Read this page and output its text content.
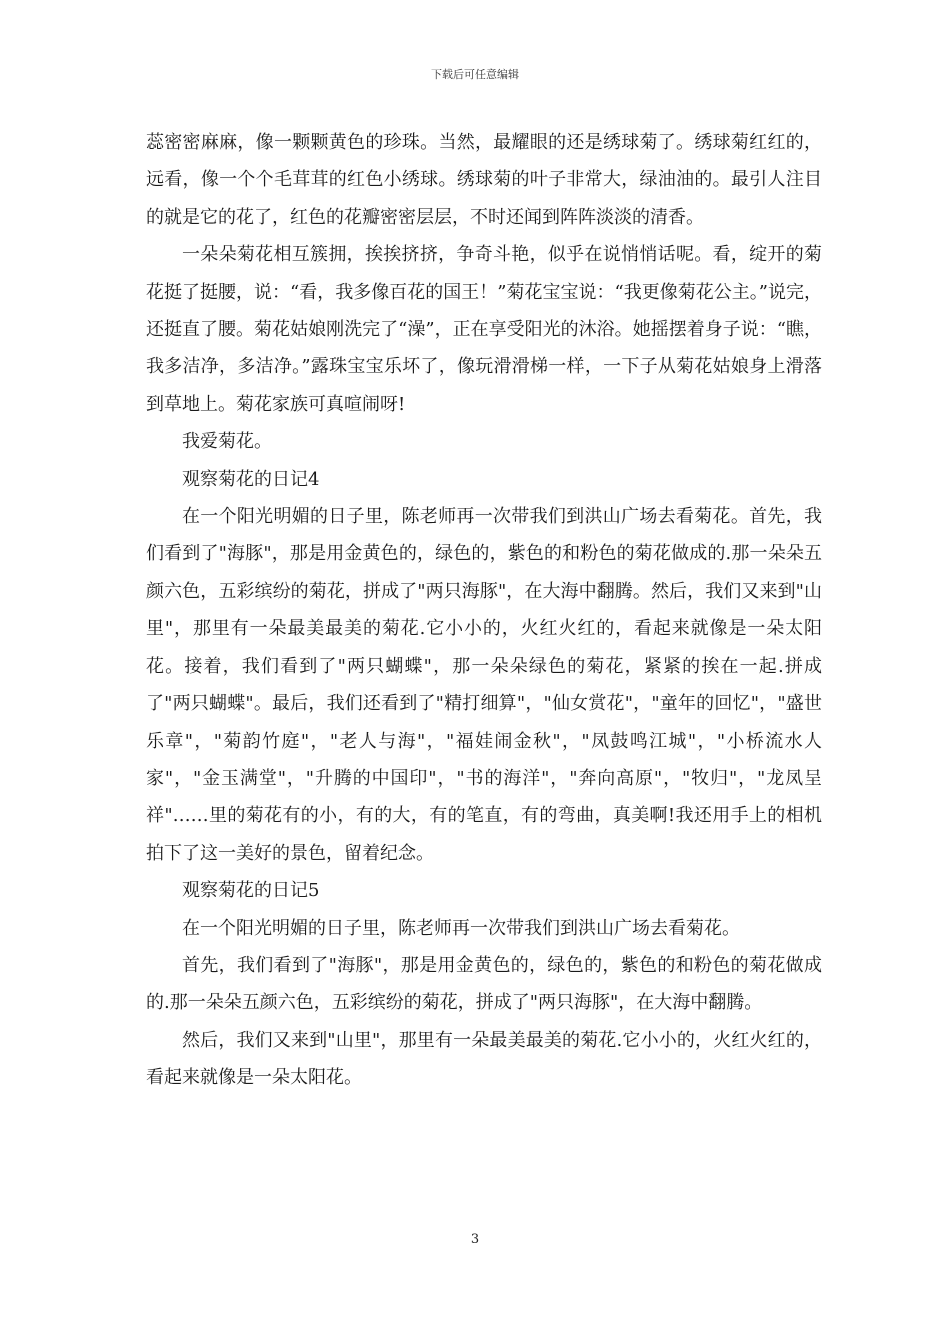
下载后可任意编辑

蕊密密麻麻，像一颗颗黄色的珍珠。当然，最耀眼的还是绣球菊了。绣球菊红红的，远看，像一个个毛茸茸的红色小绣球。绣球菊的叶子非常大，绿油油的。最引人注目的就是它的花了，红色的花瓣密密层层，不时还闻到阵阵淡淡的清香。

一朵朵菊花相互簇拥，挨挨挤挤，争奇斗艳，似乎在说悄悄话呢。看，绽开的菊花挺了挺腰，说：“看，我多像百花的国王！”菊花宝宝说：“我更像菊花公主。”说完，还挺直了腰。菊花姑娘刚洗完了“澡”，正在享受阳光的沐浴。她摇摆着身子说：“瞧，我多洁净，多洁净。”露珠宝宝乐坏了，像玩滑滑梯一样，一下子从菊花姑娘身上滑落到草地上。菊花家族可真喧闹呀!

我爱菊花。

观察菊花的日记4

在一个阳光明媚的日子里，陈老师再一次带我们到洪山广场去看菊花。首先，我们看到了"海豚"，那是用金黄色的，绿色的，紫色的和粉色的菊花做成的.那一朵朵五颜六色，五彩缤纷的菊花，拼成了"两只海豚"，在大海中翻腾。然后，我们又来到"山里"，那里有一朵最美最美的菊花.它小小的，火红火红的，看起来就像是一朵太阳花。接着，我们看到了"两只蝴蝶"，那一朵朵绿色的菊花，紧紧的挨在一起.拼成了"两只蝴蝶"。最后，我们还看到了"精打细算"，"仙女赏花"，"童年的回忆"，"盛世乐章"，"菊韵竹庭"，"老人与海"，"福娃闹金秋"，"凤鼓鸣江城"，"小桥流水人家"，"金玉满堂"，"升腾的中国印"，"书的海洋"，"奔向高原"，"牧归"，"龙凤呈祥"……里的菊花有的小，有的大，有的笔直，有的弯曲，真美啊!我还用手上的相机拍下了这一美好的景色，留着纪念。

观察菊花的日记5

在一个阳光明媚的日子里，陈老师再一次带我们到洪山广场去看菊花。

首先，我们看到了"海豚"，那是用金黄色的，绿色的，紫色的和粉色的菊花做成的.那一朵朵五颜六色，五彩缤纷的菊花，拼成了"两只海豚"，在大海中翻腾。

然后，我们又来到"山里"，那里有一朵最美最美的菊花.它小小的，火红火红的，看起来就像是一朵太阳花。

3
